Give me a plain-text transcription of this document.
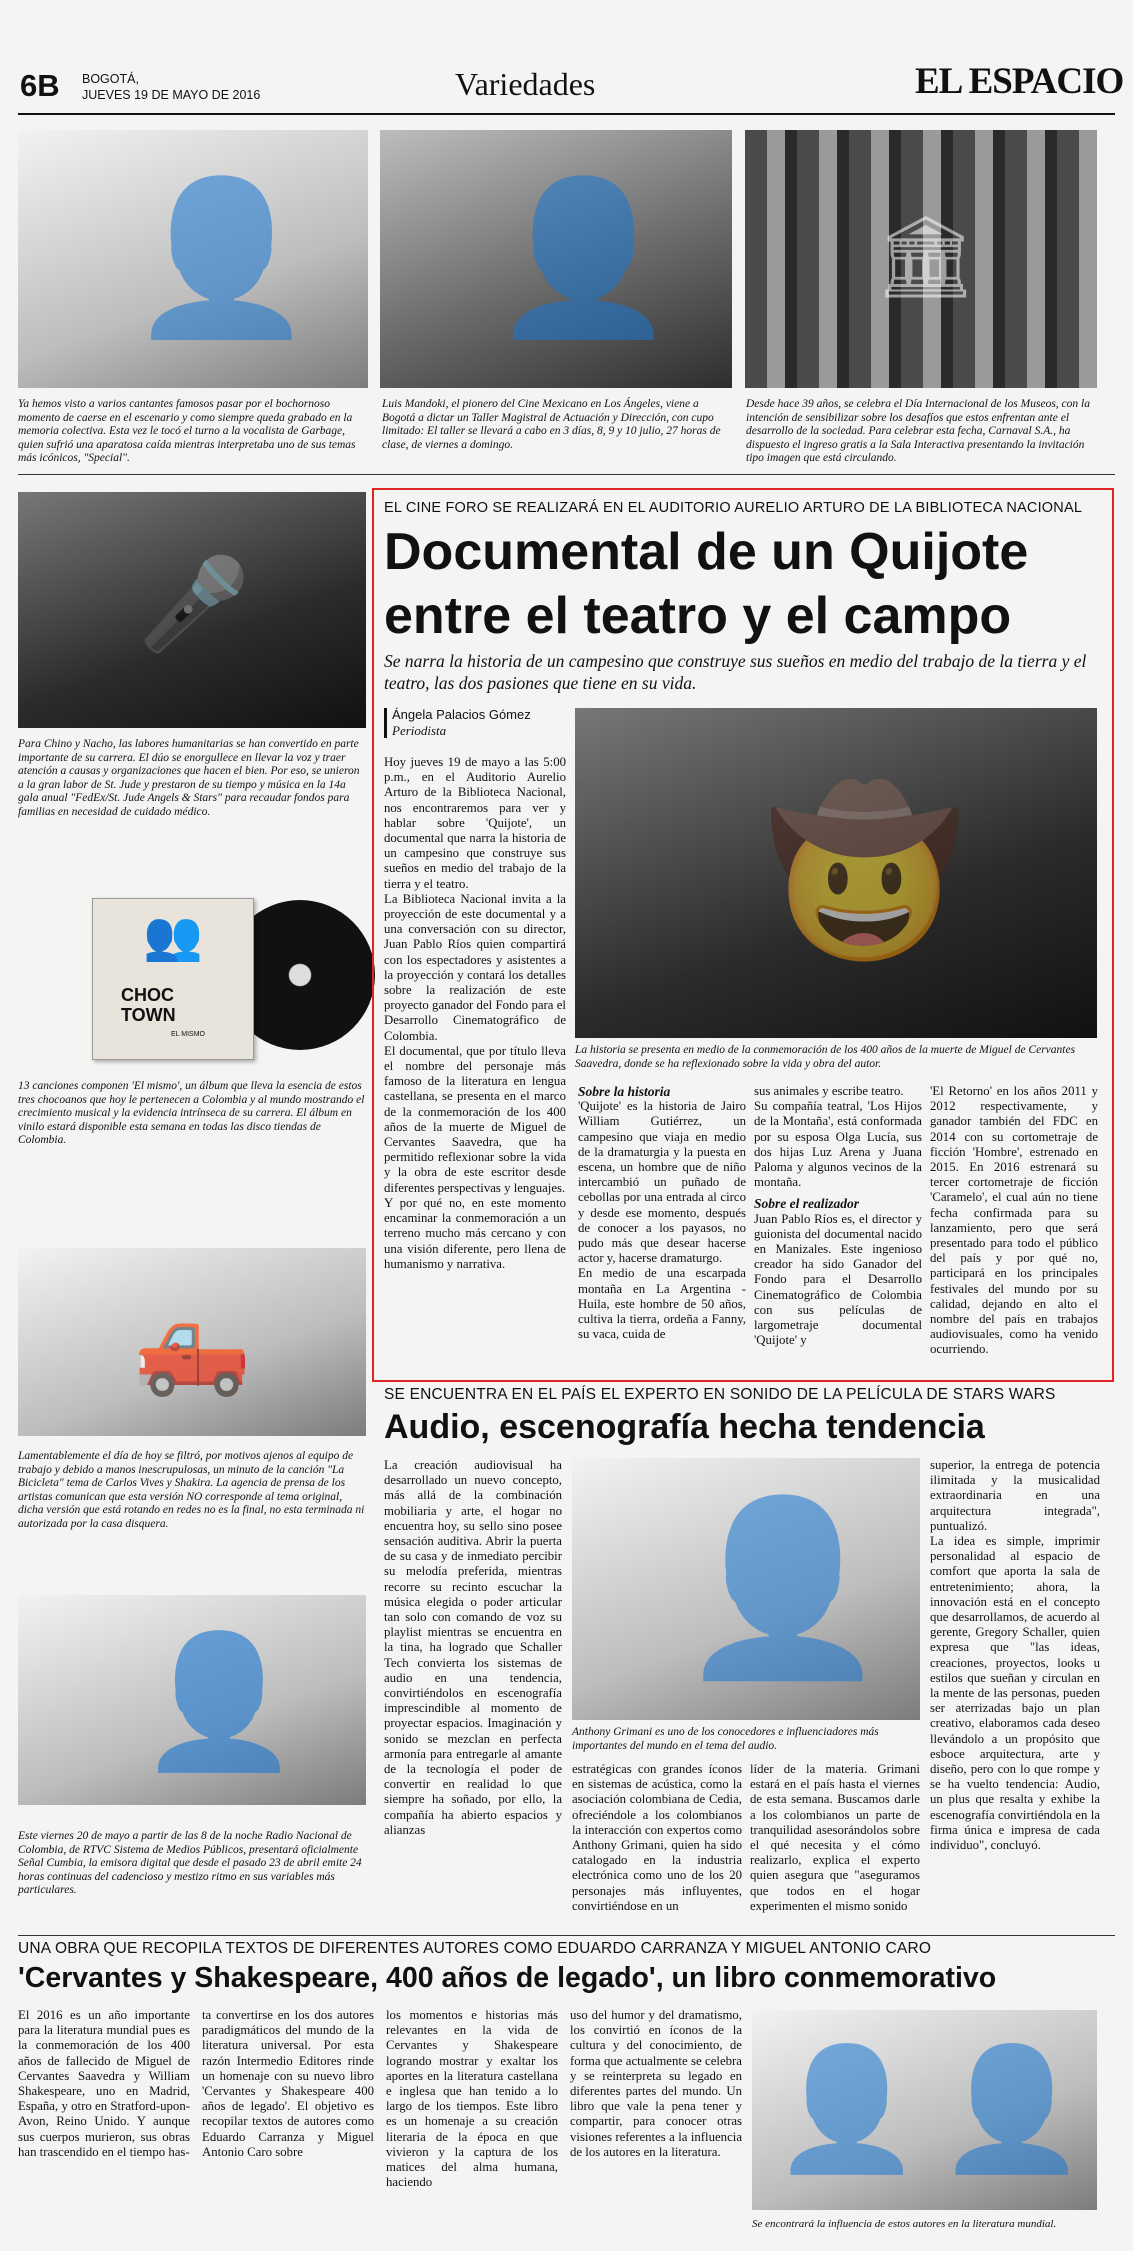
6B BOGOTÁ,
JUEVES 19 DE MAYO DE 2016	Variedades	EL ESPACIO
👤 👤 🏛
Ya hemos visto a varios cantantes famosos pasar por el bochornoso momento de caerse en el escenario y como siempre queda grabado en la memoria colectiva. Esta vez le tocó el turno a la vocalista de Garbage, quien sufrió una aparatosa caída mientras interpretaba uno de sus temas más icónicos, "Special".
Luis Mandoki, el pionero del Cine Mexicano en Los Ángeles, viene a Bogotá a dictar un Taller Magistral de Actuación y Dirección, con cupo limitado: El taller se llevará a cabo en 3 días, 8, 9 y 10 julio, 27 horas de clase, de viernes a domingo.
Desde hace 39 años, se celebra el Día Internacional de los Museos, con la intención de sensibilizar sobre los desafíos que estos enfrentan ante el desarrollo de la sociedad. Para celebrar esta fecha, Carnaval S.A., ha dispuesto el ingreso gratis a la Sala Interactiva presentando la invitación tipo imagen que está circulando.
🎤
Para Chino y Nacho, las labores humanitarias se han convertido en parte importante de su carrera. El dúo se enorgullece en llevar la voz y traer atención a causas y organizaciones que hacen el bien. Por eso, se unieron a la gran labor de St. Jude y prestaron de su tiempo y música en la 14a gala anual "FedEx/St. Jude Angels & Stars" para recaudar fondos para familias en necesidad de cuidado médico.
👥
CHOC
TOWN
EL MISMO
13 canciones componen 'El mismo', un álbum que lleva la esencia de estos tres chocoanos que hoy le pertenecen a Colombia y al mundo mostrando el crecimiento musical y la evidencia intrínseca de su carrera. El álbum en vinilo estará disponible esta semana en todas las disco tiendas de Colombia.
🛻
Lamentablemente el día de hoy se filtró, por motivos ajenos al equipo de trabajo y debido a manos inescrupulosas, un minuto de la canción "La Bicicleta" tema de Carlos Vives y Shakira. La agencia de prensa de los artistas comunican que esta versión NO corresponde al tema original, dicha versión que está rotando en redes no es la final, no esta terminada ni autorizada por la casa disquera.
👤
Este viernes 20 de mayo a partir de las 8 de la noche Radio Nacional de Colombia, de RTVC Sistema de Medios Públicos, presentará oficialmente Señal Cumbia, la emisora digital que desde el pasado 23 de abril emite 24 horas continuas del cadencioso y mestizo ritmo en sus variables más particulares.
EL CINE FORO SE REALIZARÁ EN EL AUDITORIO AURELIO ARTURO DE LA BIBLIOTECA NACIONAL
Documental de un Quijote
entre el teatro y el campo
Se narra la historia de un campesino que construye sus sueños en medio del trabajo de la tierra y el teatro, las dos pasiones que tiene en su vida.
Ángela Palacios Gómez
Periodista

Hoy jueves 19 de mayo a las 5:00 p.m., en el Auditorio Aurelio Arturo de la Biblioteca Nacional, nos encontraremos para ver y hablar sobre 'Quijote', un documental que narra la historia de un campesino que construye sus sueños en medio del trabajo de la tierra y el teatro.

La Biblioteca Nacional invita a la proyección de este documental y a una conversación con su director, Juan Pablo Ríos quien compartirá con los espectadores y asistentes a la proyección y contará los detalles sobre la realización de este proyecto ganador del Fondo para el Desarrollo Cinematográfico de Colombia.

El documental, que por título lleva el nombre del personaje más famoso de la literatura en lengua castellana, se presenta en el marco de la conmemoración de los 400 años de la muerte de Miguel de Cervantes Saavedra, que ha permitido reflexionar sobre la vida y la obra de este escritor desde diferentes perspectivas y lenguajes.

Y por qué no, en este momento encaminar la conmemoración a un terreno mucho más cercano y con una visión diferente, pero llena de humanismo y narrativa.

🤠
La historia se presenta en medio de la conmemoración de los 400 años de la muerte de Miguel de Cervantes Saavedra, donde se ha reflexionado sobre la vida y obra del autor.

Sobre la historia

'Quijote' es la historia de Jairo William Gutiérrez, un campesino que viaja en medio de la dramaturgia y la puesta en escena, un hombre que de niño intercambió un puñado de cebollas por una entrada al circo y desde ese momento, después de conocer a los payasos, no pudo más que desear hacerse actor y, hacerse dramaturgo.

En medio de una escarpada montaña en La Argentina - Huila, este hombre de 50 años, cultiva la tierra, ordeña a Fanny, su vaca, cuida de

sus animales y escribe teatro.

Su compañía teatral, 'Los Hijos de la Montaña', está conformada por su esposa Olga Lucía, sus dos hijas Luz Arena y Juana Paloma y algunos vecinos de la montaña.

Sobre el realizador

Juan Pablo Ríos es, el director y guionista del documental nacido en Manizales. Este ingenioso creador ha sido Ganador del Fondo para el Desarrollo Cinematográfico de Colombia con sus películas de largometraje documental 'Quijote' y

'El Retorno' en los años 2011 y 2012 respectivamente, y ganador también del FDC en 2014 con su cortometraje de ficción 'Hombre', estrenado en 2015. En 2016 estrenará su tercer cortometraje de ficción 'Caramelo', el cual aún no tiene fecha confirmada para su lanzamiento, pero que será presentado para todo el público del país y por qué no, participará en los principales festivales del mundo por su calidad, dejando en alto el nombre del país en trabajos audiovisuales, como ha venido ocurriendo.

SE ENCUENTRA EN EL PAÍS EL EXPERTO EN SONIDO DE LA PELÍCULA DE STARS WARS
Audio, escenografía hecha tendencia

La creación audiovisual ha desarrollado un nuevo concepto, más allá de la combinación mobiliaria y arte, el hogar no encuentra hoy, su sello sino posee sensación auditiva. Abrir la puerta de su casa y de inmediato percibir su melodía preferida, mientras recorre su recinto escuchar la música elegida o poder articular tan solo con comando de voz su playlist mientras se encuentra en la tina, ha logrado que Schaller Tech convierta los sistemas de audio en una tendencia, convirtiéndolos en escenografía imprescindible al momento de proyectar espacios. Imaginación y sonido se mezclan en perfecta armonía para entregarle al amante de la tecnología el poder de convertir en realidad lo que siempre ha soñado, por ello, la compañía ha abierto espacios y alianzas

👤
Anthony Grimani es uno de los conocedores e influenciadores más importantes del mundo en el tema del audio.

estratégicas con grandes íconos en sistemas de acústica, como la asociación colombiana de Cedia, ofreciéndole a los colombianos la interacción con expertos como Anthony Grimani, quien ha sido catalogado en la industria electrónica como uno de los 20 personajes más influyentes, convirtiéndose en un

líder de la materia. Grimani estará en el país hasta el viernes de esta semana. Buscamos darle a los colombianos un parte de tranquilidad asesorándolos sobre el qué necesita y el cómo realizarlo, explica el experto quien asegura que "aseguramos que todos en el hogar experimenten el mismo sonido

superior, la entrega de potencia ilimitada y la musicalidad extraordinaria en una arquitectura integrada", puntualizó.

La idea es simple, imprimir personalidad al espacio de comfort que aporta la sala de entretenimiento; ahora, la innovación está en el concepto que desarrollamos, de acuerdo al gerente, Gregory Schaller, quien expresa que "las ideas, creaciones, proyectos, looks u estilos que sueñan y circulan en la mente de las personas, pueden ser aterrizadas bajo un plan creativo, elaboramos cada deseo llevándolo a un propósito que esboce arquitectura, arte y diseño, pero con lo que rompe y se ha vuelto tendencia: Audio, un plus que resalta y exhibe la escenografía convirtiéndola en la firma única e impresa de cada individuo", concluyó.

UNA OBRA QUE RECOPILA TEXTOS DE DIFERENTES AUTORES COMO EDUARDO CARRANZA Y MIGUEL ANTONIO CARO
'Cervantes y Shakespeare, 400 años de legado', un libro conmemorativo

El 2016 es un año importante para la literatura mundial pues es la conmemoración de los 400 años de fallecido de Miguel de Cervantes Saavedra y William Shakespeare, uno en Madrid, España, y otro en Stratford-upon-Avon, Reino Unido. Y aunque sus cuerpos murieron, sus obras han trascendido en el tiempo has-

ta convertirse en los dos autores paradigmáticos del mundo de la literatura universal. Por esta razón Intermedio Editores rinde un homenaje con su nuevo libro 'Cervantes y Shakespeare 400 años de legado'. El objetivo es recopilar textos de autores como Eduardo Carranza y Miguel Antonio Caro sobre

los momentos e historias más relevantes en la vida de Cervantes y Shakespeare logrando mostrar y exaltar los aportes en la literatura castellana e inglesa que han tenido a lo largo de los tiempos. Este libro es un homenaje a su creación literaria de la época en que vivieron y la captura de los matices del alma humana, haciendo

uso del humor y del dramatismo, los convirtió en íconos de la cultura y del conocimiento, de forma que actualmente se celebra y se reinterpreta su legado en diferentes partes del mundo. Un libro que vale la pena tener y compartir, para conocer otras visiones referentes a la influencia de los autores en la literatura. 👤 👤
Se encontrará la influencia de estos autores en la literatura mundial.
